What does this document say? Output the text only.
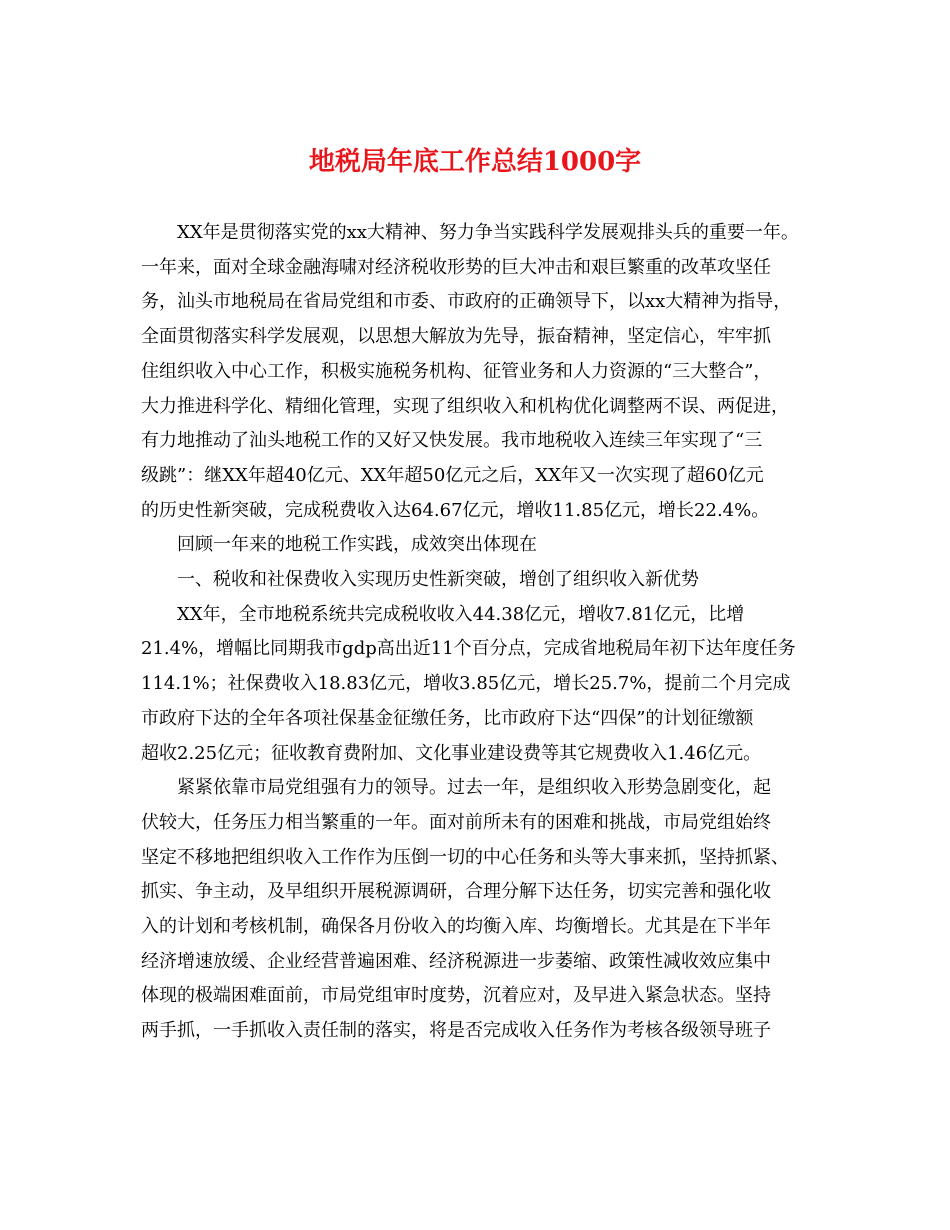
地税局年底工作总结1000字
XX年是贯彻落实党的xx大精神、努力争当实践科学发展观排头兵的重要一年。
一年来，面对全球金融海啸对经济税收形势的巨大冲击和艰巨繁重的改革攻坚任
务，汕头市地税局在省局党组和市委、市政府的正确领导下，以xx大精神为指导，
全面贯彻落实科学发展观，以思想大解放为先导，振奋精神，坚定信心，牢牢抓
住组织收入中心工作，积极实施税务机构、征管业务和人力资源的“三大整合”，
大力推进科学化、精细化管理，实现了组织收入和机构优化调整两不误、两促进，
有力地推动了汕头地税工作的又好又快发展。我市地税收入连续三年实现了“三
级跳”：继XX年超40亿元、XX年超50亿元之后，XX年又一次实现了超60亿元
的历史性新突破，完成税费收入达64.67亿元，增收11.85亿元，增长22.4%。
回顾一年来的地税工作实践，成效突出体现在
一、税收和社保费收入实现历史性新突破，增创了组织收入新优势
XX年，全市地税系统共完成税收收入44.38亿元，增收7.81亿元，比增
21.4%，增幅比同期我市gdp高出近11个百分点，完成省地税局年初下达年度任务
114.1%；社保费收入18.83亿元，增收3.85亿元，增长25.7%，提前二个月完成
市政府下达的全年各项社保基金征缴任务，比市政府下达“四保”的计划征缴额
超收2.25亿元；征收教育费附加、文化事业建设费等其它规费收入1.46亿元。
紧紧依靠市局党组强有力的领导。过去一年，是组织收入形势急剧变化，起
伏较大，任务压力相当繁重的一年。面对前所未有的困难和挑战，市局党组始终
坚定不移地把组织收入工作作为压倒一切的中心任务和头等大事来抓，坚持抓紧、
抓实、争主动，及早组织开展税源调研，合理分解下达任务，切实完善和强化收
入的计划和考核机制，确保各月份收入的均衡入库、均衡增长。尤其是在下半年
经济增速放缓、企业经营普遍困难、经济税源进一步萎缩、政策性减收效应集中
体现的极端困难面前，市局党组审时度势，沉着应对，及早进入紧急状态。坚持
两手抓，一手抓收入责任制的落实，将是否完成收入任务作为考核各级领导班子
